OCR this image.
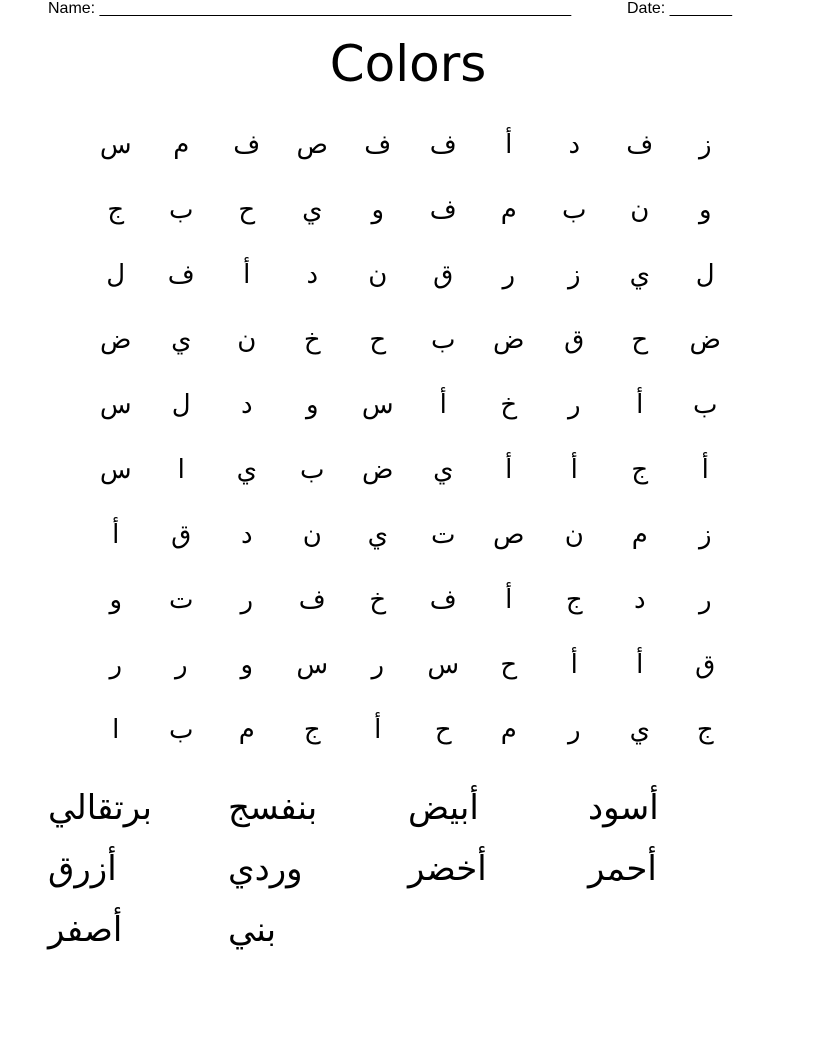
Name: _____________________________________________________	Date: _______
Colors
س	م	ف	ص	ف	ف	أ	د	ف	ز
ج	ب	ح	ي	و	ف	م	ب	ن	و
ل	ف	أ	د	ن	ق	ر	ز	ي	ل
ض	ي	ن	خ	ح	ب	ض	ق	ح	ض
س	ل	د	و	س	أ	خ	ر	أ	ب
س	ا	ي	ب	ض	ي	أ	أ	ج	أ
أ	ق	د	ن	ي	ت	ص	ن	م	ز
و	ت	ر	ف	خ	ف	أ	ج	د	ر
ر	ر	و	س	ر	س	ح	أ	أ	ق
ا	ب	م	ج	أ	ح	م	ر	ي	ج
برتقالي	بنفسج	أبيض	أسود
أزرق	وردي	أخضر	أحمر
أصفر	بني
